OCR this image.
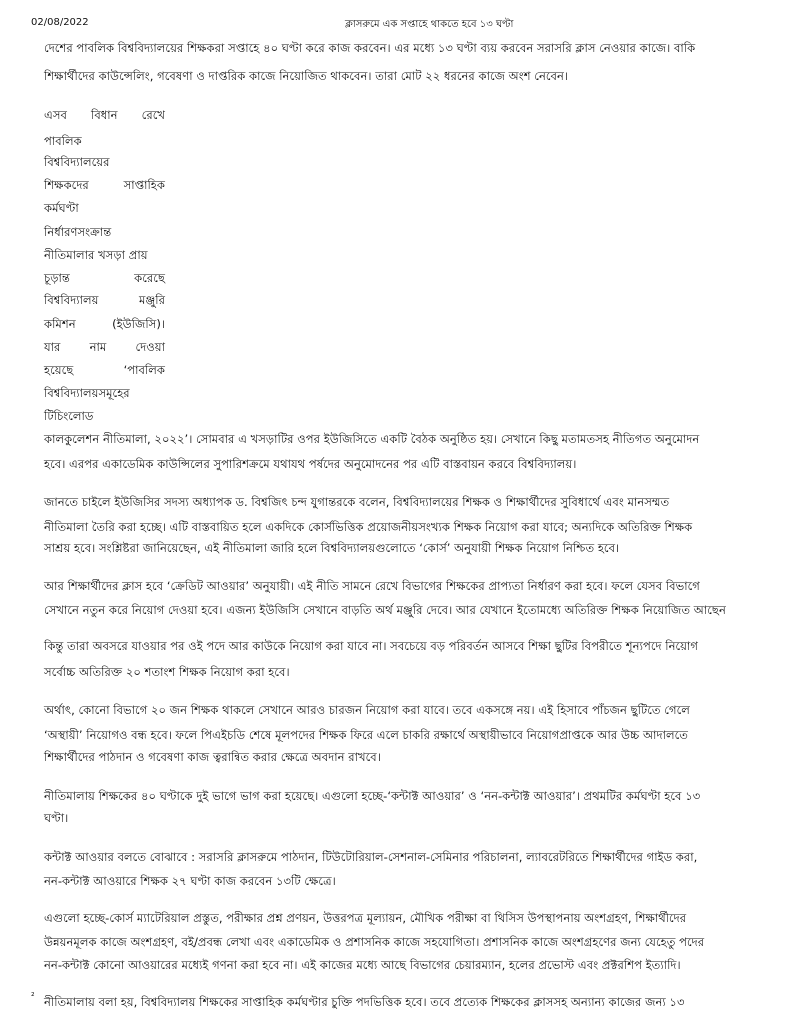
02/08/2022	ক্লাসরুমে এক সপ্তাহে থাকতে হবে ১৩ ঘণ্টা
দেশের পাবলিক বিশ্ববিদ্যালয়ের শিক্ষকরা সপ্তাহে ৪০ ঘণ্টা করে কাজ করবেন। এর মধ্যে ১৩ ঘণ্টা ব্যয় করবেন সরাসরি ক্লাস নেওয়ার কাজে। বাকি
শিক্ষার্থীদের কাউন্সেলিং, গবেষণা ও দাপ্তরিক কাজে নিয়োজিত থাকবেন। তারা মোট ২২ ধরনের কাজে অংশ নেবেন।
কালকুলেশন নীতিমালা, ২০২২’। সোমবার এ খসড়াটির ওপর ইউজিসিতে একটি বৈঠক অনুষ্ঠিত হয়। সেখানে কিছু মতামতসহ নীতিগত অনুমোদন
হবে। এরপর একাডেমিক কাউন্সিলের সুপারিশক্রমে যথাযথ পর্ষদের অনুমোদনের পর এটি বাস্তবায়ন করবে বিশ্ববিদ্যালয়।
জানতে চাইলে ইউজিসির সদস্য অধ্যাপক ড. বিশ্বজিৎ চন্দ যুগান্তরকে বলেন, বিশ্ববিদ্যালয়ের শিক্ষক ও শিক্ষার্থীদের সুবিধার্থে এবং মানসম্মত
নীতিমালা তৈরি করা হচ্ছে। এটি বাস্তবায়িত হলে একদিকে কোর্সভিত্তিক প্রয়োজনীয়সংখ্যক শিক্ষক নিয়োগ করা যাবে; অন্যদিকে অতিরিক্ত শিক্ষক
সাশ্রয় হবে। সংশ্লিষ্টরা জানিয়েছেন, এই নীতিমালা জারি হলে বিশ্ববিদ্যালয়গুলোতে ‘কোর্স’ অনুযায়ী শিক্ষক নিয়োগ নিশ্চিত হবে।
আর শিক্ষার্থীদের ক্লাস হবে ‘ক্রেডিট আওয়ার’ অনুযায়ী। এই নীতি সামনে রেখে বিভাগের শিক্ষকের প্রাপ্যতা নির্ধারণ করা হবে। ফলে যেসব বিভাগে
সেখানে নতুন করে নিয়োগ দেওয়া হবে। এজন্য ইউজিসি সেখানে বাড়তি অর্থ মঞ্জুরি দেবে। আর যেখানে ইতোমধ্যে অতিরিক্ত শিক্ষক নিয়োজিত আছেন
কিন্তু তারা অবসরে যাওয়ার পর ওই পদে আর কাউকে নিয়োগ করা যাবে না। সবচেয়ে বড় পরিবর্তন আসবে শিক্ষা ছুটির বিপরীতে শূন্যপদে নিয়োগ
সর্বোচ্চ অতিরিক্ত ২০ শতাংশ শিক্ষক নিয়োগ করা হবে।
অর্থাৎ, কোনো বিভাগে ২০ জন শিক্ষক থাকলে সেখানে আরও চারজন নিয়োগ করা যাবে। তবে একসঙ্গে নয়। এই হিসাবে পাঁচজন ছুটিতে গেলে
‘অস্থায়ী’ নিয়োগও বন্ধ হবে। ফলে পিএইচডি শেষে মূলপদের শিক্ষক ফিরে এলে চাকরি রক্ষার্থে অস্থায়ীভাবে নিয়োগপ্রাপ্তকে আর উচ্চ আদালতে
শিক্ষার্থীদের পাঠদান ও গবেষণা কাজ ত্বরান্বিত করার ক্ষেত্রে অবদান রাখবে।
নীতিমালায় শিক্ষকের ৪০ ঘণ্টাকে দুই ভাগে ভাগ করা হয়েছে। এগুলো হচ্ছে-‘কন্টাক্ট আওয়ার’ ও ‘নন-কন্টাক্ট আওয়ার’। প্রথমটির কর্মঘণ্টা হবে ১৩
ঘণ্টা।
কন্টাক্ট আওয়ার বলতে বোঝাবে : সরাসরি ক্লাসরুমে পাঠদান, টিউটোরিয়াল-সেশনাল-সেমিনার পরিচালনা, ল্যাবরেটরিতে শিক্ষার্থীদের গাইড করা,
নন-কন্টাক্ট আওয়ারে শিক্ষক ২৭ ঘণ্টা কাজ করবেন ১৩টি ক্ষেত্রে।
এগুলো হচ্ছে-কোর্স ম্যাটেরিয়াল প্রস্তুত, পরীক্ষার প্রশ্ন প্রণয়ন, উত্তরপত্র মূল্যায়ন, মৌখিক পরীক্ষা বা থিসিস উপস্থাপনায় অংশগ্রহণ, শিক্ষার্থীদের
উন্নয়নমূলক কাজে অংশগ্রহণ, বই/প্রবন্ধ লেখা এবং একাডেমিক ও প্রশাসনিক কাজে সহযোগিতা। প্রশাসনিক কাজে অংশগ্রহণের জন্য যেহেতু পদের
নন-কন্টাক্ট কোনো আওয়ারের মধ্যেই গণনা করা হবে না। এই কাজের মধ্যে আছে বিভাগের চেয়ারম্যান, হলের প্রভোস্ট এবং প্রক্টরশিপ ইত্যাদি।
নীতিমালায় বলা হয়, বিশ্ববিদ্যালয় শিক্ষকের সাপ্তাহিক কর্মঘণ্টার চুক্তি পদভিত্তিক হবে। তবে প্রত্যেক শিক্ষকের ক্লাসসহ অন্যান্য কাজের জন্য ১৩
এসব বিধান রেখে
পাবলিক
বিশ্ববিদ্যালয়ের
শিক্ষকদের	সাপ্তাহিক
কর্মঘণ্টা
নির্ধারণসংক্রান্ত
নীতিমালার খসড়া প্রায়
চূড়ান্ত	করেছে
বিশ্ববিদ্যালয়	মঞ্জুরি
কমিশন	(ইউজিসি)।
যার	নাম	দেওয়া
হয়েছে	‘পাবলিক
বিশ্ববিদ্যালয়সমূহের
টিচিংলোড
²
